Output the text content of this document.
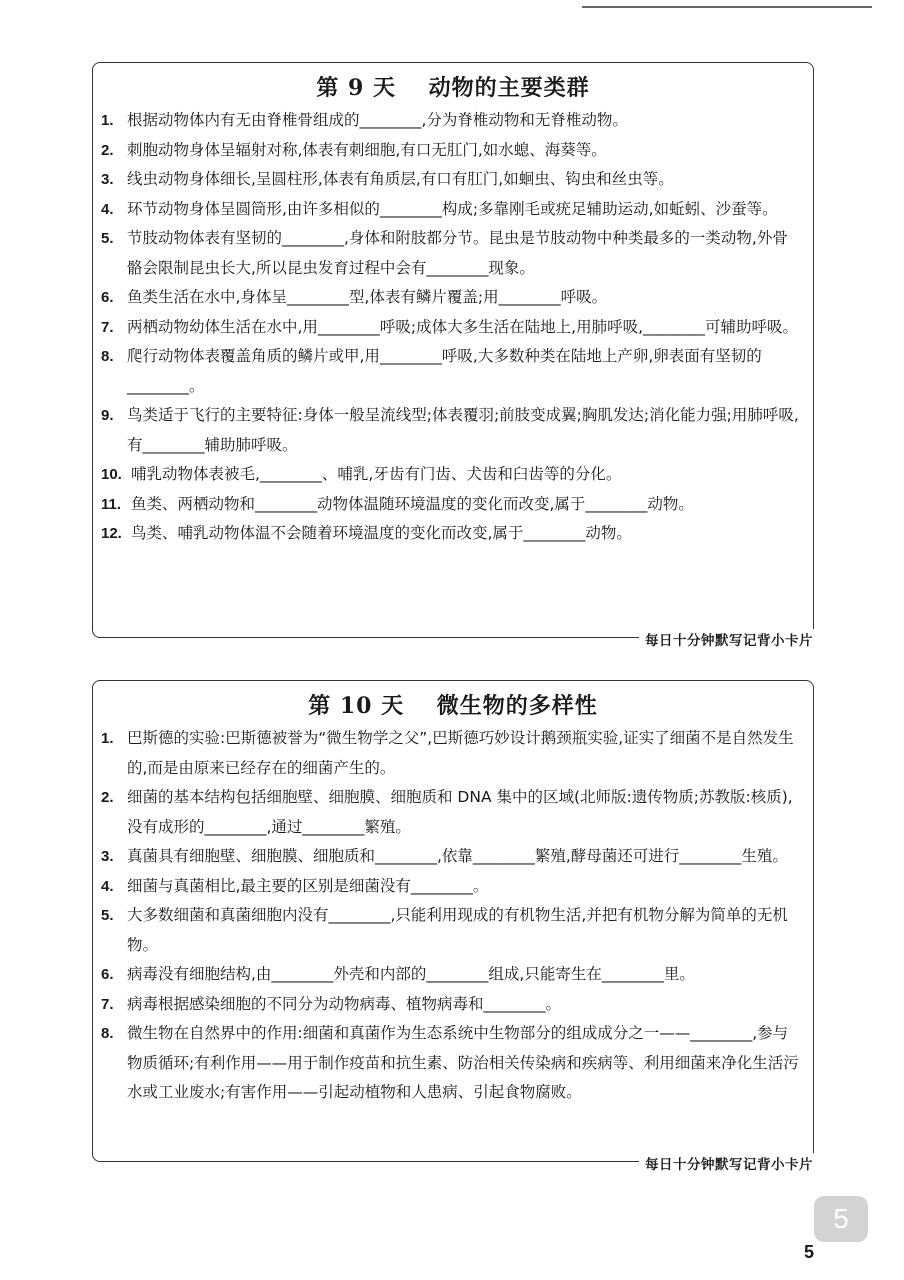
第 9 天 动物的主要类群
1. 根据动物体内有无由脊椎骨组成的________,分为脊椎动物和无脊椎动物。
2. 刺胞动物身体呈辐射对称,体表有刺细胞,有口无肛门,如水螅、海葵等。
3. 线虫动物身体细长,呈圆柱形,体表有角质层,有口有肛门,如蛔虫、钩虫和丝虫等。
4. 环节动物身体呈圆筒形,由许多相似的________构成;多靠刚毛或疣足辅助运动,如蚯蚓、沙蚕等。
5. 节肢动物体表有坚韧的________,身体和附肢都分节。昆虫是节肢动物中种类最多的一类动物,外骨骼会限制昆虫长大,所以昆虫发育过程中会有________现象。
6. 鱼类生活在水中,身体呈________型,体表有鳞片覆盖;用________呼吸。
7. 两栖动物幼体生活在水中,用________呼吸;成体大多生活在陆地上,用肺呼吸,________可辅助呼吸。
8. 爬行动物体表覆盖角质的鳞片或甲,用________呼吸,大多数种类在陆地上产卵,卵表面有坚韧的________。
9. 鸟类适于飞行的主要特征:身体一般呈流线型;体表覆羽;前肢变成翼;胸肌发达;消化能力强;用肺呼吸,有________辅助肺呼吸。
10. 哺乳动物体表被毛,________、哺乳,牙齿有门齿、犬齿和臼齿等的分化。
11. 鱼类、两栖动物和________动物体温随环境温度的变化而改变,属于________动物。
12. 鸟类、哺乳动物体温不会随着环境温度的变化而改变,属于________动物。
每日十分钟默写记背小卡片
第 10 天 微生物的多样性
1. 巴斯德的实验:巴斯德被誉为“微生物学之父”,巴斯德巧妙设计鹅颈瓶实验,证实了细菌不是自然发生的,而是由原来已经存在的细菌产生的。
2. 细菌的基本结构包括细胞壁、细胞膜、细胞质和 DNA 集中的区域(北师版:遗传物质;苏教版:核质),没有成形的________,通过________繁殖。
3. 真菌具有细胞壁、细胞膜、细胞质和________,依靠________繁殖,酵母菌还可进行________生殖。
4. 细菌与真菌相比,最主要的区别是细菌没有________。
5. 大多数细菌和真菌细胞内没有________,只能利用现成的有机物生活,并把有机物分解为简单的无机物。
6. 病毒没有细胞结构,由________外壳和内部的________组成,只能寄生在________里。
7. 病毒根据感染细胞的不同分为动物病毒、植物病毒和________。
8. 微生物在自然界中的作用:细菌和真菌作为生态系统中生物部分的组成成分之一——________,参与物质循环;有利作用——用于制作疫苗和抗生素、防治相关传染病和疾病等、利用细菌来净化生活污水或工业废水;有害作用——引起动植物和人患病、引起食物腐败。
每日十分钟默写记背小卡片
5
5
